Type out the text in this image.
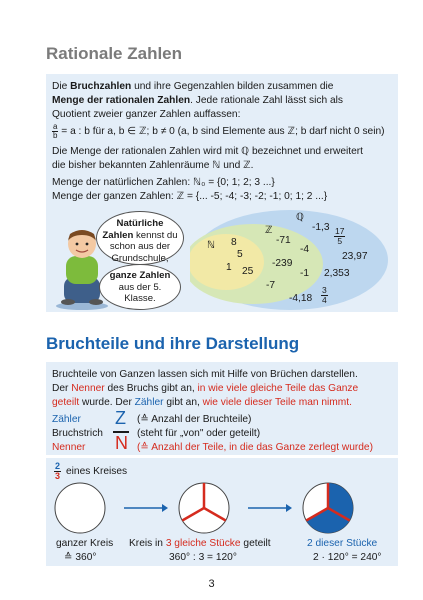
Rationale Zahlen
Die Bruchzahlen und ihre Gegenzahlen bilden zusammen die
Menge der rationalen Zahlen. Jede rationale Zahl lässt sich als
Quotient zweier ganzer Zahlen auffassen:
$\frac{a}{b} = a$ : b für a, b ∈ ℤ; b ≠ 0 (a, b sind Elemente aus ℤ; b darf nicht 0 sein)
Die Menge der rationalen Zahlen wird mit ℚ bezeichnet und erweitert
die bisher bekannten Zahlenräume ℕ und ℤ.
Menge der natürlichen Zahlen: ℕ₀ = {0; 1; 2; 3 ...}
Menge der ganzen Zahlen: ℤ = {... -5; -4; -3; -2; -1; 0; 1; 2 ...}
ℕ
ℤ
ℚ
8
5
1 25
-71
-4
-239
-1
-7
-1,3
23,97
2,353
-4,18
$\frac{17}{5}$
$\frac{3}{4}$
Natürliche Zahlen kennst du schon aus der Grundschule,
ganze Zahlen aus der 5. Klasse.
Bruchteile und ihre Darstellung
Bruchteile von Ganzen lassen sich mit Hilfe von Brüchen darstellen.
Der Nenner des Bruchs gibt an, in wie viele gleiche Teile das Ganze
geteilt wurde. Der Zähler gibt an, wie viele dieser Teile man nimmt.
Zähler
Bruchstrich
Nenner
Z
N
(≙ Anzahl der Bruchteile)
(steht für „von" oder geteilt)
(≙ Anzahl der Teile, in die das Ganze zerlegt wurde)
2
3 eines Kreises
ganzer Kreis
≙ 360°
Kreis in 3 gleiche Stücke geteilt
360° : 3 = 120°
2 dieser Stücke
2 · 120° = 240°
3
